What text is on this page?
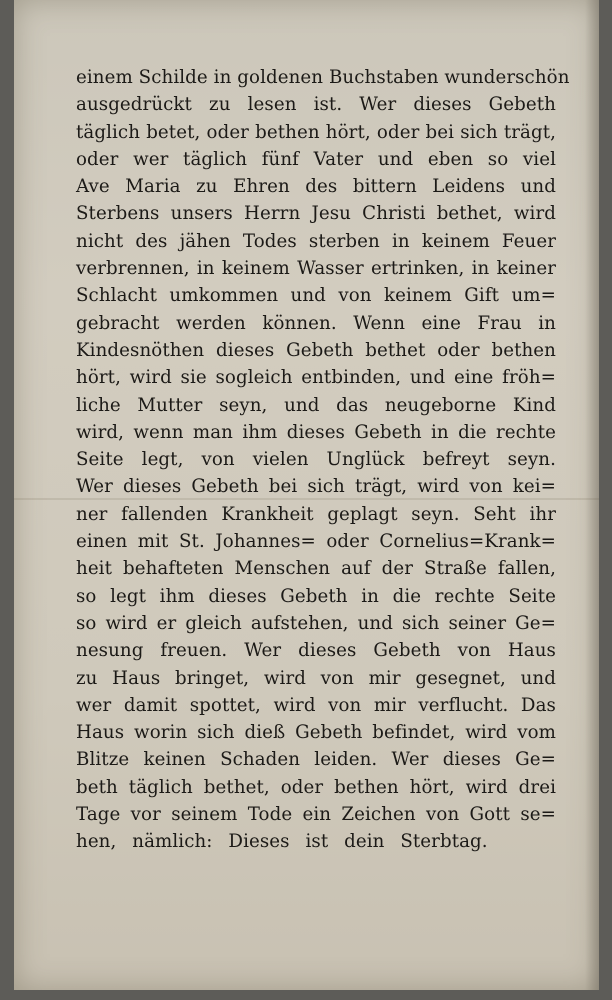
einem Schilde in goldenen Buchstaben wunderschön
ausgedrückt zu lesen ist. Wer dieses Gebeth
täglich betet, oder bethen hört, oder bei sich trägt,
oder wer täglich fünf Vater und eben so viel
Ave Maria zu Ehren des bittern Leidens und
Sterbens unsers Herrn Jesu Christi bethet, wird
nicht des jähen Todes sterben in keinem Feuer
verbrennen, in keinem Wasser ertrinken, in keiner
Schlacht umkommen und von keinem Gift um=
gebracht werden können. Wenn eine Frau in
Kindesnöthen dieses Gebeth bethet oder bethen
hört, wird sie sogleich entbinden, und eine fröh=
liche Mutter seyn, und das neugeborne Kind
wird, wenn man ihm dieses Gebeth in die rechte
Seite legt, von vielen Unglück befreyt seyn.
Wer dieses Gebeth bei sich trägt, wird von kei=
ner fallenden Krankheit geplagt seyn. Seht ihr
einen mit St. Johannes= oder Cornelius=Krank=
heit behafteten Menschen auf der Straße fallen,
so legt ihm dieses Gebeth in die rechte Seite
so wird er gleich aufstehen, und sich seiner Ge=
nesung freuen. Wer dieses Gebeth von Haus
zu Haus bringet, wird von mir gesegnet, und
wer damit spottet, wird von mir verflucht. Das
Haus worin sich dieß Gebeth befindet, wird vom
Blitze keinen Schaden leiden. Wer dieses Ge=
beth täglich bethet, oder bethen hört, wird drei
Tage vor seinem Tode ein Zeichen von Gott se=
hen, nämlich: Dieses ist dein Sterbtag.
